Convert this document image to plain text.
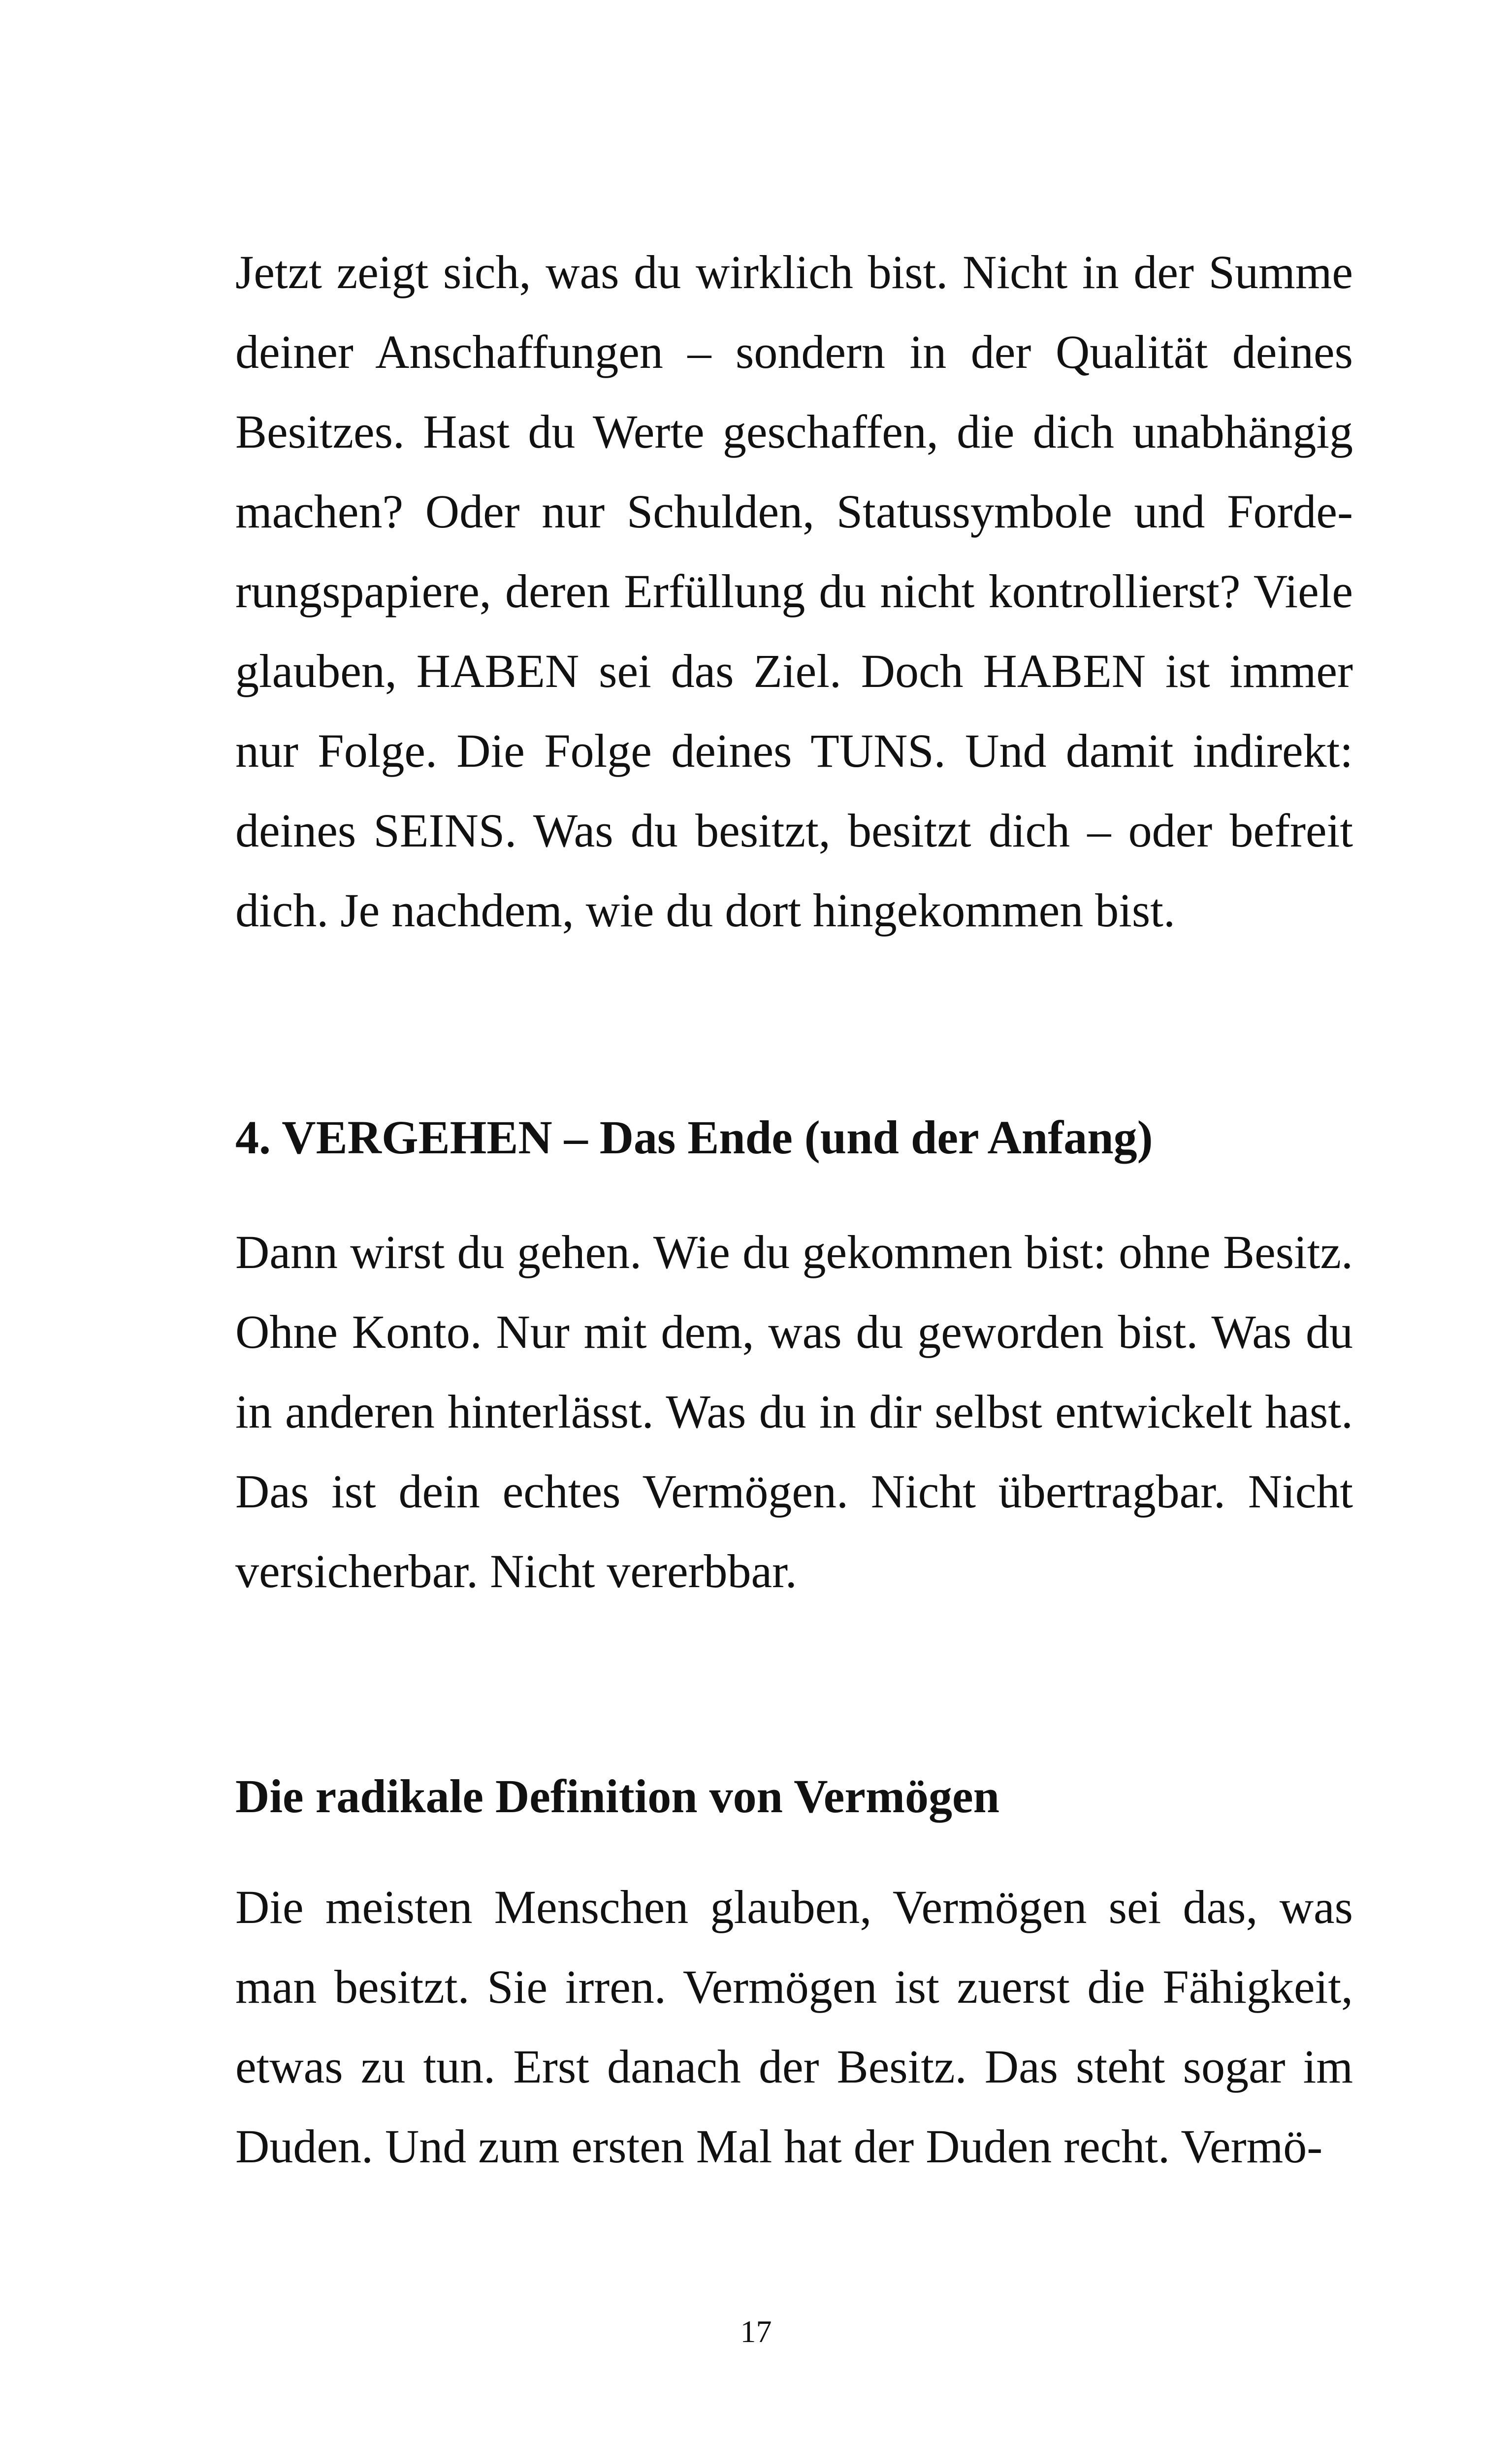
Jetzt zeigt sich, was du wirklich bist. Nicht in der Summe deiner Anschaffungen – sondern in der Qualität deines Besitzes. Hast du Werte geschaffen, die dich unabhängig machen? Oder nur Schulden, Statussymbole und Forderungspapiere, deren Erfüllung du nicht kontrollierst? Viele glauben, HABEN sei das Ziel. Doch HABEN ist immer nur Folge. Die Folge deines TUNS. Und damit indirekt: deines SEINS. Was du besitzt, besitzt dich – oder befreit dich. Je nachdem, wie du dort hingekommen bist.

4. VERGEHEN – Das Ende (und der Anfang)

Dann wirst du gehen. Wie du gekommen bist: ohne Besitz. Ohne Konto. Nur mit dem, was du geworden bist. Was du in anderen hinterlässt. Was du in dir selbst entwickelt hast. Das ist dein echtes Vermögen. Nicht übertragbar. Nicht versicherbar. Nicht vererbbar.

Die radikale Definition von Vermögen

Die meisten Menschen glauben, Vermögen sei das, was man besitzt. Sie irren. Vermögen ist zuerst die Fähigkeit, etwas zu tun. Erst danach der Besitz. Das steht sogar im Duden. Und zum ersten Mal hat der Duden recht. Vermö-

17
